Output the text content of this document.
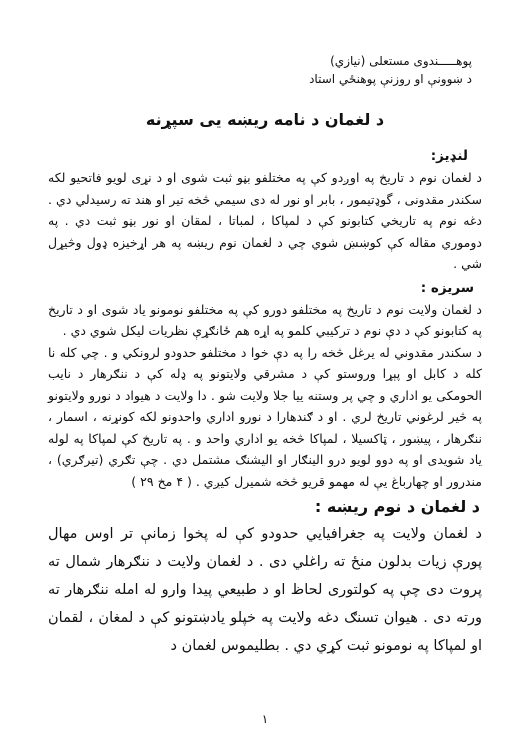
پوهـــــندوی مستعلی (نیازي)

د ښوونې او روزنې پوهنځي استاد

د لغمان د نامه ریښه یی سپړنه

لنډیز:

د لغمان نوم د تاریخ په اوږدو کې په مختلفو بڼو ثبت شوی او د نړی لویو فاتحیو لکه سکندر مقدونی ، گوډتیمور ، بابر او نور له دی سیمي څخه تیر او هند ته رسیدلي دي . دغه نوم په تاریخي کتابونو کې د لمپاکا ، لمباتا ، لمقان او نور بڼو ثبت دي . په دوموري مقاله کې کوښښ شوي چي د لغمان نوم ریښه په هر اړخیزه ډول وڅیړل شي .

سریزه :

د لغمان ولایت نوم د تاریخ په مختلفو دورو کې په مختلفو نومونو یاد شوی او د تاریخ په کتابونو کې د دې نوم د ترکیبي کلمو په اړه هم ځانګړې نظریات لیکل شوي دي .

د سکندر مقدوني له یرغل څخه را په دې خوا د مختلفو حدودو لرونکي و . چي کله نا کله د کابل او پېړا وروستو کې د مشرقي ولایتونو په ډله کې د ننګرهار د نایب الحومکی یو اداري و چي پر وستنه ییا جلا ولایت شو . دا ولایت د هیواد د نورو ولایتونو په څیر لرغوني تاریخ لري . او د ګندهارا د نورو اداري واحدونو لکه کونړنه ، اسمار ، ننګرهار ، پیښور ، ټاکسیلا ، لمپاکا څخه یو اداري واحد و . په تاریخ کې لمپاکا په لوله یاد شویدی او په دوو لویو درو الینګار او الیشنګ مشتمل دي . چې تګري (تیرګري) ، مندرور او چهارباغ یې له مهمو قریو څخه شمیرل کیږي . ( ۴ مخ ۲۹ )

د لغمان د نوم ریښه :

د لغمان ولایت په جغرافیایي حدودو کې له پخوا زمانې تر اوس مهال پورې زیات بدلون منځ ته راغلي دی . د لغمان ولایت د ننګرهار شمال ته پروت دی چې په کولتوری لحاظ او د طبیعي پیدا وارو له امله ننګرهار ته ورته دی . هیوان تسنګ دغه ولایت په خپلو یادښتونو کې د لمغان ، لقمان او لمپاکا په نومونو ثبت کړي دي . بطلیموس لغمان د

۱
